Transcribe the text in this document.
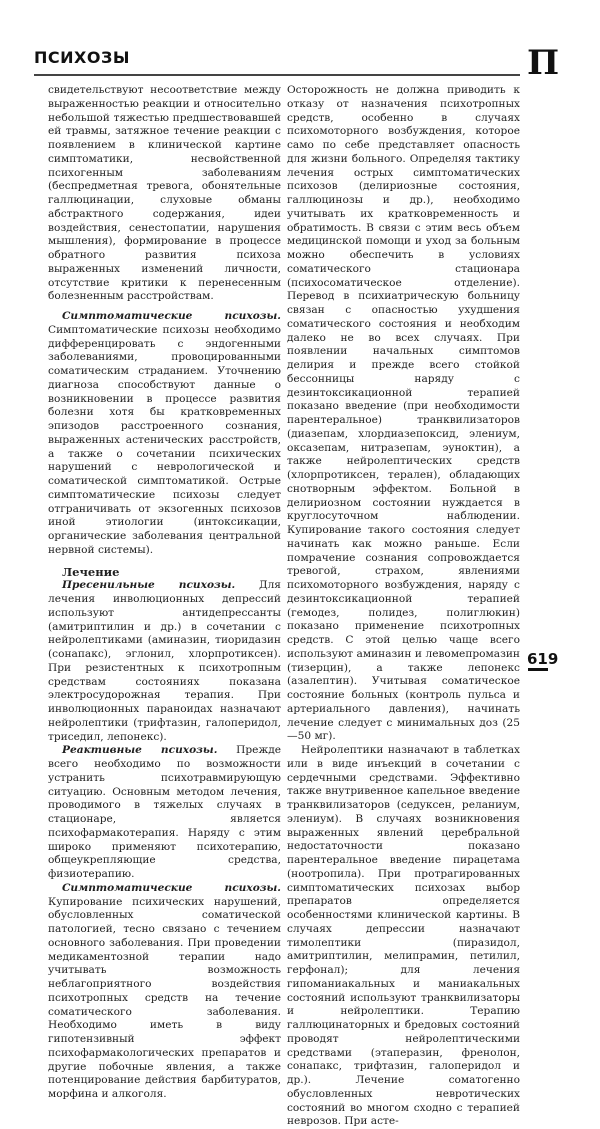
ПСИХОЗЫ	П

свидетельствуют несоответствие между выраженностью реакции и относительно небольшой тяжестью предшествовавшей ей травмы, затяжное течение реакции с появлением в клинической картине симптоматики, несвойственной психогенным заболеваниям (беспредметная тревога, обонятельные галлюцинации, слуховые обманы абстрактного содержания, идеи воздействия, сенестопатии, нарушения мышления), формирование в процессе обратного развития психоза выраженных изменений личности, отсутствие критики к перенесенным болезненным расстройствам.

Симптоматические психозы. Симптоматические психозы необходимо дифференцировать с эндогенными заболеваниями, провоцированными соматическим страданием. Уточнению диагноза способствуют данные о возникновении в процессе развития болезни хотя бы кратковременных эпизодов расстроенного сознания, выраженных астенических расстройств, а также о сочетании психических нарушений с неврологической и соматической симптоматикой. Острые симптоматические психозы следует отграничивать от экзогенных психозов иной этиологии (интоксикации, органические заболевания центральной нервной системы).

Лечение

Пресенильные психозы. Для лечения инволюционных депрессий используют антидепрессанты (амитриптилин и др.) в сочетании с нейролептиками (аминазин, тиоридазин (сонапакс), эглонил, хлорпротиксен). При резистентных к психотропным средствам состояниях показана электросудорожная терапия. При инволюционных параноидах назначают нейролептики (трифтазин, галоперидол, триседил, лепонекс).

Реактивные психозы. Прежде всего необходимо по возможности устранить психотравмирующую ситуацию. Основным методом лечения, проводимого в тяжелых случаях в стационаре, является психофармакотерапия. Наряду с этим широко применяют психотерапию, общеукрепляющие средства, физиотерапию.

Симптоматические психозы. Купирование психических нарушений, обусловленных соматической патологией, тесно связано с течением основного заболевания. При проведении медикаментозной терапии надо учитывать возможность неблагоприятного воздействия психотропных средств на течение соматического заболевания. Необходимо иметь в виду гипотензивный эффект психофармакологических препаратов и другие побочные явления, а также потенцирование действия барбитуратов, морфина и алкоголя.

Осторожность не должна приводить к отказу от назначения психотропных средств, особенно в случаях психомоторного возбуждения, которое само по себе представляет опасность для жизни больного. Определяя тактику лечения острых симптоматических психозов (делириозные состояния, галлюцинозы и др.), необходимо учитывать их кратковременность и обратимость. В связи с этим весь объем медицинской помощи и уход за больным можно обеспечить в условиях соматического стационара (психосоматическое отделение). Перевод в психиатрическую больницу связан с опасностью ухудшения соматического состояния и необходим далеко не во всех случаях. При появлении начальных симптомов делирия и прежде всего стойкой бессонницы наряду с дезинтоксикационной терапией показано введение (при необходимости парентеральное) транквилизаторов (диазепам, хлордиазепоксид, элениум, оксазепам, нитразепам, эуноктин), а также нейролептических средств (хлорпротиксен, терален), обладающих снотворным эффектом. Больной в делириозном состоянии нуждается в круглосуточном наблюдении. Купирование такого состояния следует начинать как можно раньше. Если помрачение сознания сопровождается тревогой, страхом, явлениями психомоторного возбуждения, наряду с дезинтоксикационной терапией (гемодез, полидез, полиглюкин) показано применение психотропных средств. С этой целью чаще всего используют аминазин и левомепромазин (тизерцин), а также лепонекс (азалептин). Учитывая соматическое состояние больных (контроль пульса и артериального давления), начинать лечение следует с минимальных доз (25—50 мг).

Нейролептики назначают в таблетках или в виде инъекций в сочетании с сердечными средствами. Эффективно также внутривенное капельное введение транквилизаторов (седуксен, реланиум, элениум). В случаях возникновения выраженных явлений церебральной недостаточности показано парентеральное введение пирацетама (ноотропила). При протрагированных симптоматических психозах выбор препаратов определяется особенностями клинической картины. В случаях депрессии назначают тимолептики (пиразидол, амитриптилин, мелипрамин, петилил, герфонал); для лечения гипоманиакальных и маниакальных состояний используют транквилизаторы и нейролептики. Терапию галлюцинаторных и бредовых состояний проводят нейролептическими средствами (этаперазин, френолон, сонапакс, трифтазин, галоперидол и др.). Лечение соматогенно обусловленных невротических состояний во многом сходно с терапией неврозов. При асте-

619
